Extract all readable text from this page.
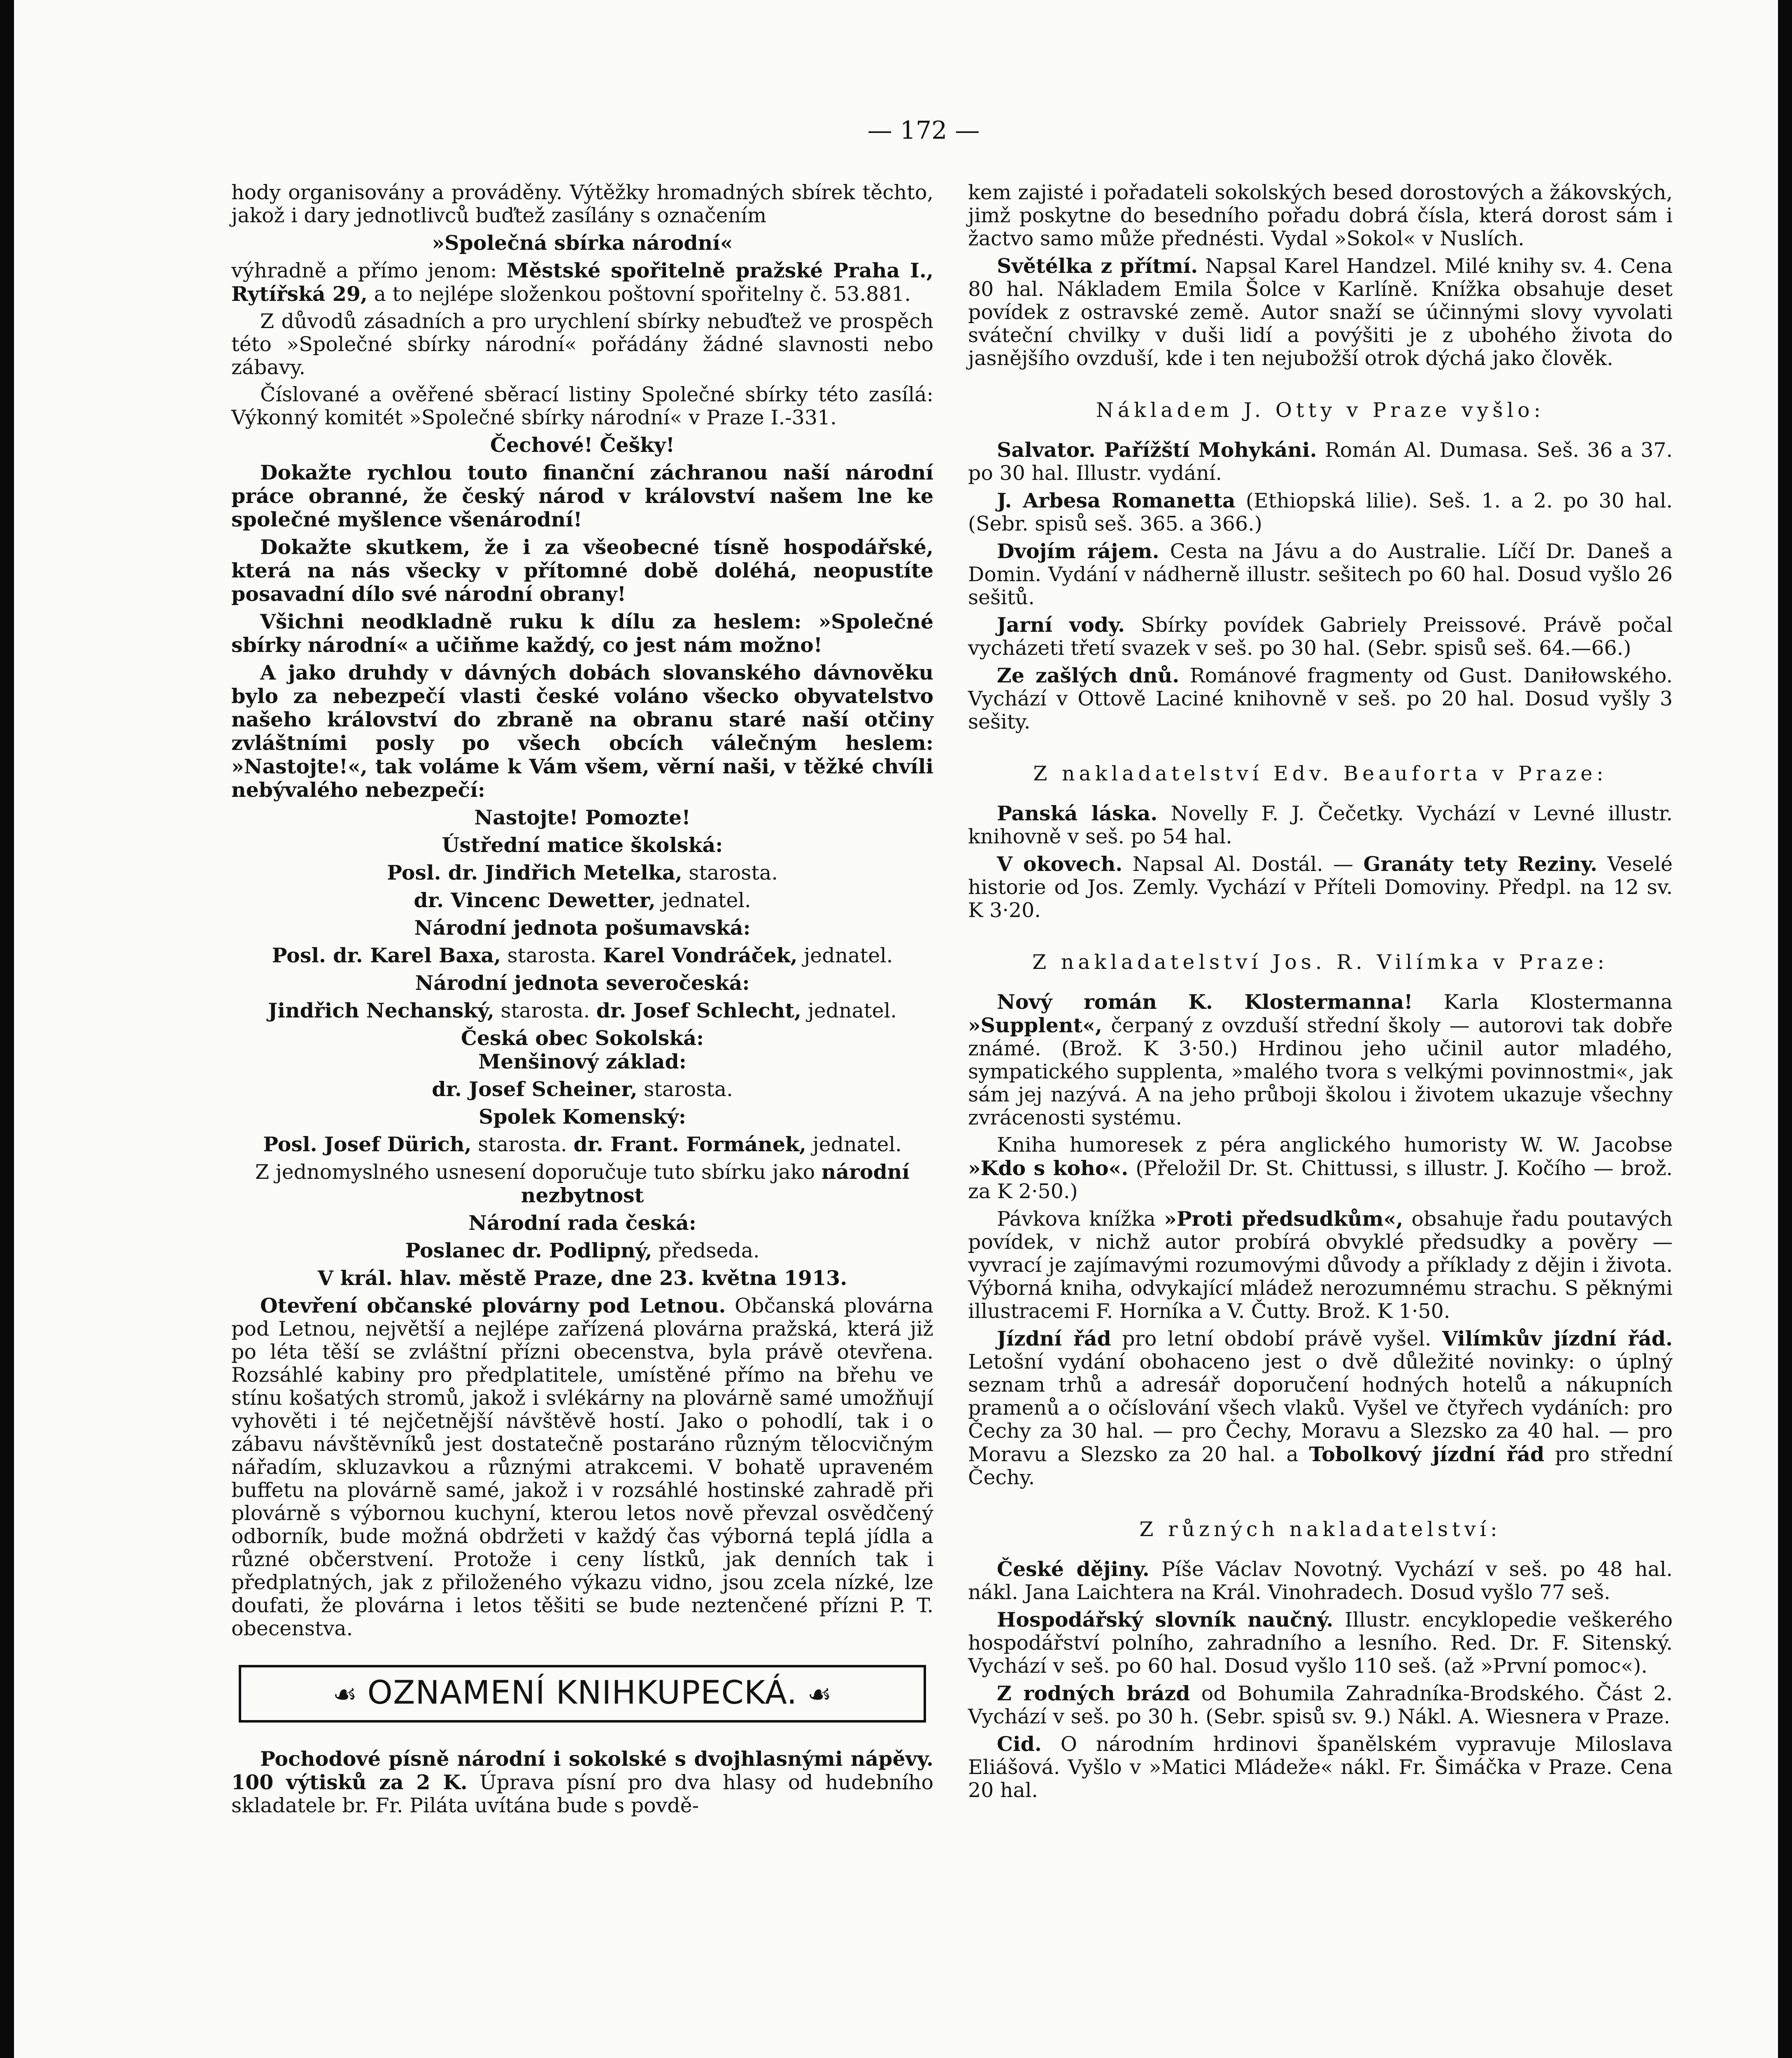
— 172 —

hody organisovány a prováděny. Výtěžky hromadných sbírek těchto, jakož i dary jednotlivců buďtež zasílány s označením

»Společná sbírka národní«

výhradně a přímo jenom: Městské spořitelně pražské Praha I., Rytířská 29, a to nejlépe složenkou poštovní spořitelny č. 53.881.

Z důvodů zásadních a pro urychlení sbírky nebuďtež ve prospěch této »Společné sbírky národní« pořádány žádné slavnosti nebo zábavy.

Číslované a ověřené sběrací listiny Společné sbírky této zasílá: Výkonný komitét »Společné sbírky národní« v Praze I.-331.

Čechové! Češky!

Dokažte rychlou touto finanční záchranou naší národní práce obranné, že český národ v království našem lne ke společné myšlence všenárodní!

Dokažte skutkem, že i za všeobecné tísně hospodářské, která na nás všecky v přítomné době doléhá, neopustíte posavadní dílo své národní obrany!

Všichni neodkladně ruku k dílu za heslem: »Společné sbírky národní« a učiňme každý, co jest nám možno!

A jako druhdy v dávných dobách slovanského dávnověku bylo za nebezpečí vlasti české voláno všecko obyvatelstvo našeho království do zbraně na obranu staré naší otčiny zvláštními posly po všech obcích válečným heslem: »Nastojte!«, tak voláme k Vám všem, věrní naši, v těžké chvíli nebývalého nebezpečí:

Nastojte! Pomozte!

Ústřední matice školská:

Posl. dr. Jindřich Metelka, starosta.

dr. Vincenc Dewetter, jednatel.

Národní jednota pošumavská:

Posl. dr. Karel Baxa, starosta. Karel Vondráček, jednatel.

Národní jednota severočeská:

Jindřich Nechanský, starosta. dr. Josef Schlecht, jednatel.

Česká obec Sokolská:
Menšinový základ:

dr. Josef Scheiner, starosta.

Spolek Komenský:

Posl. Josef Dürich, starosta. dr. Frant. Formánek, jednatel.

Z jednomyslného usnesení doporučuje tuto sbírku jako národní nezbytnost

Národní rada česká:

Poslanec dr. Podlipný, předseda.

V král. hlav. městě Praze, dne 23. května 1913.

Otevření občanské plovárny pod Letnou. Občanská plovárna pod Letnou, největší a nejlépe zařízená plovárna pražská, která již po léta těší se zvláštní přízni obecenstva, byla právě otevřena. Rozsáhlé kabiny pro předplatitele, umístěné přímo na břehu ve stínu košatých stromů, jakož i svlékárny na plovárně samé umožňují vyhověti i té nejčetnější návštěvě hostí. Jako o pohodlí, tak i o zábavu návštěvníků jest dostatečně postaráno různým tělocvičným nářadím, skluzavkou a různými atrakcemi. V bohatě upraveném buffetu na plovárně samé, jakož i v rozsáhlé hostinské zahradě při plovárně s výbornou kuchyní, kterou letos nově převzal osvědčený odborník, bude možná obdržeti v každý čas výborná teplá jídla a různé občerstvení. Protože i ceny lístků, jak denních tak i předplatných, jak z přiloženého výkazu vidno, jsou zcela nízké, lze doufati, že plovárna i letos těšiti se bude neztenčené přízni P. T. obecenstva.

☙ OZNAMENÍ KNIHKUPECKÁ. ☙

Pochodové písně národní i sokolské s dvojhlasnými nápěvy. 100 výtisků za 2 K. Úprava písní pro dva hlasy od hudebního skladatele br. Fr. Piláta uvítána bude s povdě-

kem zajisté i pořadateli sokolských besed dorostových a žákovských, jimž poskytne do besedního pořadu dobrá čísla, která dorost sám i žactvo samo může přednésti. Vydal »Sokol« v Nuslích.

Světélka z přítmí. Napsal Karel Handzel. Milé knihy sv. 4. Cena 80 hal. Nákladem Emila Šolce v Karlíně. Knížka obsahuje deset povídek z ostravské země. Autor snaží se účinnými slovy vyvolati sváteční chvilky v duši lidí a povýšiti je z ubohého života do jasnějšího ovzduší, kde i ten nejubožší otrok dýchá jako člověk.

Nákladem J. Otty v Praze vyšlo:

Salvator. Pařížští Mohykáni. Román Al. Dumasa. Seš. 36 a 37. po 30 hal. Illustr. vydání.

J. Arbesa Romanetta (Ethiopská lilie). Seš. 1. a 2. po 30 hal. (Sebr. spisů seš. 365. a 366.)

Dvojím rájem. Cesta na Jávu a do Australie. Líčí Dr. Daneš a Domin. Vydání v nádherně illustr. sešitech po 60 hal. Dosud vyšlo 26 sešitů.

Jarní vody. Sbírky povídek Gabriely Preissové. Právě počal vycházeti třetí svazek v seš. po 30 hal. (Sebr. spisů seš. 64.—66.)

Ze zašlých dnů. Románové fragmenty od Gust. Daniłowského. Vychází v Ottově Laciné knihovně v seš. po 20 hal. Dosud vyšly 3 sešity.

Z nakladatelství Edv. Beauforta v Praze:

Panská láska. Novelly F. J. Čečetky. Vychází v Levné illustr. knihovně v seš. po 54 hal.

V okovech. Napsal Al. Dostál. — Granáty tety Reziny. Veselé historie od Jos. Zemly. Vychází v Příteli Domoviny. Předpl. na 12 sv. K 3·20.

Z nakladatelství Jos. R. Vilímka v Praze:

Nový román K. Klostermanna! Karla Klostermanna »Supplent«, čerpaný z ovzduší střední školy — autorovi tak dobře známé. (Brož. K 3·50.) Hrdinou jeho učinil autor mladého, sympatického supplenta, »malého tvora s velkými povinnostmi«, jak sám jej nazývá. A na jeho průboji školou i životem ukazuje všechny zvrácenosti systému.

Kniha humoresek z péra anglického humoristy W. W. Jacobse »Kdo s koho«. (Přeložil Dr. St. Chittussi, s illustr. J. Kočího — brož. za K 2·50.)

Pávkova knížka »Proti předsudkům«, obsahuje řadu poutavých povídek, v nichž autor probírá obvyklé předsudky a pověry — vyvrací je zajímavými rozumovými důvody a příklady z dějin i života. Výborná kniha, odvykající mládež nerozumnému strachu. S pěknými illustracemi F. Horníka a V. Čutty. Brož. K 1·50.

Jízdní řád pro letní období právě vyšel. Vilímkův jízdní řád. Letošní vydání obohaceno jest o dvě důležité novinky: o úplný seznam trhů a adresář doporučení hodných hotelů a nákupních pramenů a o očíslování všech vlaků. Vyšel ve čtyřech vydáních: pro Čechy za 30 hal. — pro Čechy, Moravu a Slezsko za 40 hal. — pro Moravu a Slezsko za 20 hal. a Tobolkový jízdní řád pro střední Čechy.

Z různých nakladatelství:

České dějiny. Píše Václav Novotný. Vychází v seš. po 48 hal. nákl. Jana Laichtera na Král. Vinohradech. Dosud vyšlo 77 seš.

Hospodářský slovník naučný. Illustr. encyklopedie veškerého hospodářství polního, zahradního a lesního. Red. Dr. F. Sitenský. Vychází v seš. po 60 hal. Dosud vyšlo 110 seš. (až »První pomoc«).

Z rodných brázd od Bohumila Zahradníka-Brodského. Část 2. Vychází v seš. po 30 h. (Sebr. spisů sv. 9.) Nákl. A. Wiesnera v Praze.

Cid. O národním hrdinovi španělském vypravuje Miloslava Eliášová. Vyšlo v »Matici Mládeže« nákl. Fr. Šimáčka v Praze. Cena 20 hal.
